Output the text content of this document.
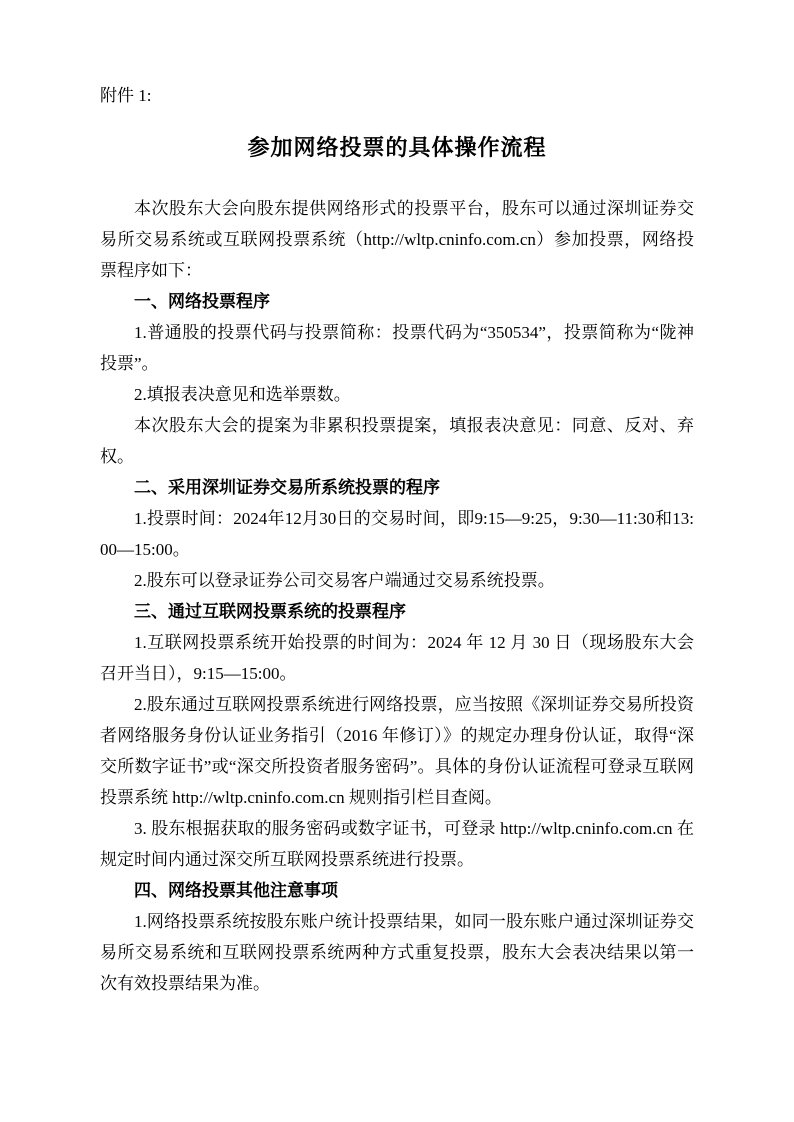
附件 1:
参加网络投票的具体操作流程

本次股东大会向股东提供网络形式的投票平台，股东可以通过深圳证券交易所交易系统或互联网投票系统（http://wltp.cninfo.com.cn）参加投票，网络投票程序如下：

一、网络投票程序

1.普通股的投票代码与投票简称：投票代码为“350534”，投票简称为“陇神投票”。

2.填报表决意见和选举票数。

本次股东大会的提案为非累积投票提案，填报表决意见：同意、反对、弃权。

二、采用深圳证券交易所系统投票的程序

1.投票时间：2024年12月30日的交易时间，即9:15—9:25，9:30—11:30和13:00—15:00。

2.股东可以登录证券公司交易客户端通过交易系统投票。

三、通过互联网投票系统的投票程序

1.互联网投票系统开始投票的时间为：2024 年 12 月 30 日（现场股东大会召开当日），9:15—15:00。

2.股东通过互联网投票系统进行网络投票，应当按照《深圳证券交易所投资者网络服务身份认证业务指引（2016 年修订）》的规定办理身份认证，取得“深交所数字证书”或“深交所投资者服务密码”。具体的身份认证流程可登录互联网投票系统 http://wltp.cninfo.com.cn 规则指引栏目查阅。

3. 股东根据获取的服务密码或数字证书，可登录 http://wltp.cninfo.com.cn 在规定时间内通过深交所互联网投票系统进行投票。

四、网络投票其他注意事项

1.网络投票系统按股东账户统计投票结果，如同一股东账户通过深圳证券交易所交易系统和互联网投票系统两种方式重复投票，股东大会表决结果以第一次有效投票结果为准。
